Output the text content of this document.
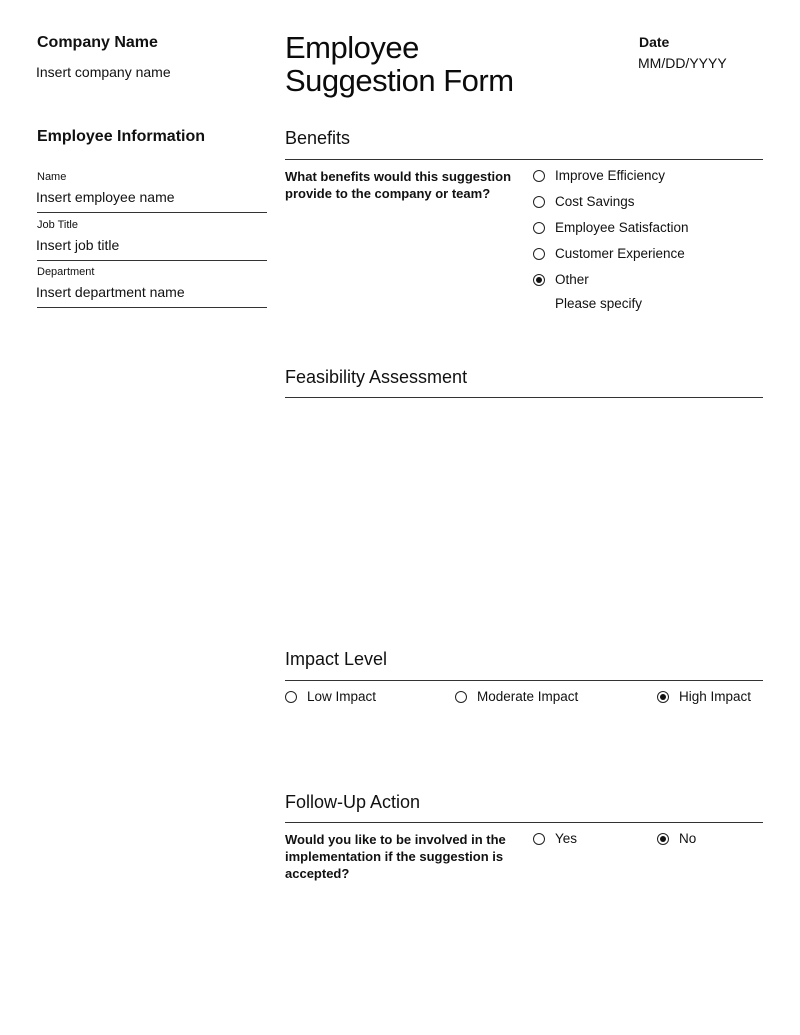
Company Name
Insert company name
Employee
Suggestion Form
Date
MM/DD/YYYY
Employee Information
Name
Insert employee name
Job Title
Insert job title
Department
Insert department name
Benefits
What benefits would this suggestion provide to the company or team?
Improve Efficiency
Cost Savings
Employee Satisfaction
Customer Experience
Other
Please specify
Feasibility Assessment
Impact Level
Low Impact	Moderate Impact	High Impact
Follow-Up Action
Would you like to be involved in the implementation if the suggestion is accepted?
Yes	No
